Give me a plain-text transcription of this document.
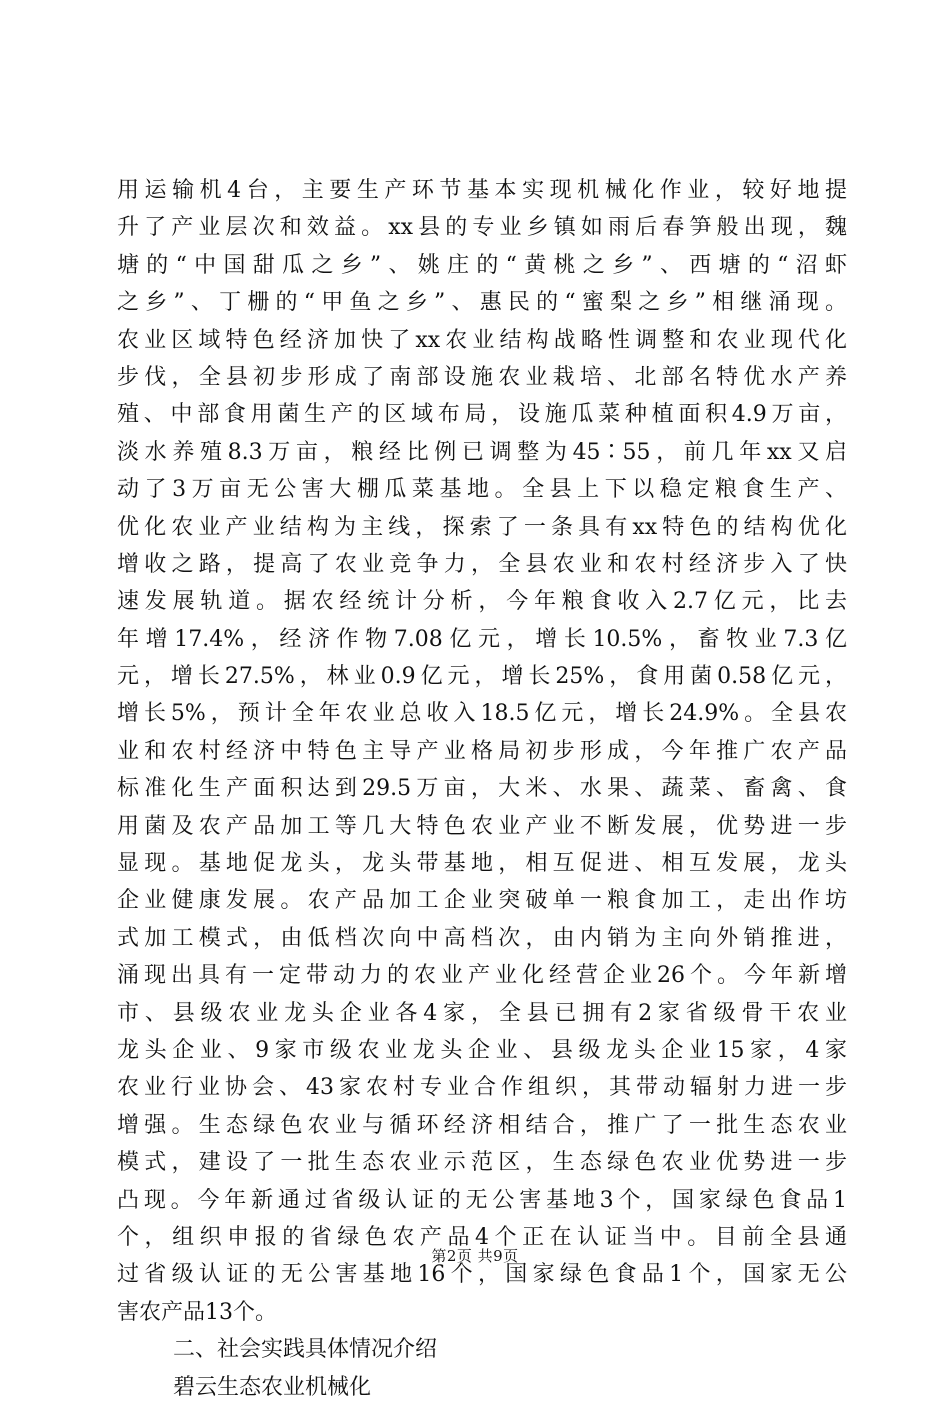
用运输机4台，主要生产环节基本实现机械化作业，较好地提
升了产业层次和效益。xx县的专业乡镇如雨后春笋般出现，魏
塘的“中国甜瓜之乡”、姚庄的“黄桃之乡”、西塘的“沼虾
之乡”、丁栅的“甲鱼之乡”、惠民的“蜜梨之乡”相继涌现。
农业区域特色经济加快了xx农业结构战略性调整和农业现代化
步伐，全县初步形成了南部设施农业栽培、北部名特优水产养
殖、中部食用菌生产的区域布局，设施瓜菜种植面积4.9万亩，
淡水养殖8.3万亩，粮经比例已调整为45∶55，前几年xx又启
动了3万亩无公害大棚瓜菜基地。全县上下以稳定粮食生产、
优化农业产业结构为主线，探索了一条具有xx特色的结构优化
增收之路，提高了农业竞争力，全县农业和农村经济步入了快
速发展轨道。据农经统计分析，今年粮食收入2.7亿元，比去
年增17.4%，经济作物7.08亿元，增长10.5%，畜牧业7.3亿
元，增长27.5%，林业0.9亿元，增长25%，食用菌0.58亿元，
增长5%，预计全年农业总收入18.5亿元，增长24.9%。全县农
业和农村经济中特色主导产业格局初步形成，今年推广农产品
标准化生产面积达到29.5万亩，大米、水果、蔬菜、畜禽、食
用菌及农产品加工等几大特色农业产业不断发展，优势进一步
显现。基地促龙头，龙头带基地，相互促进、相互发展，龙头
企业健康发展。农产品加工企业突破单一粮食加工，走出作坊
式加工模式，由低档次向中高档次，由内销为主向外销推进，
涌现出具有一定带动力的农业产业化经营企业26个。今年新增
市、县级农业龙头企业各4家，全县已拥有2家省级骨干农业
龙头企业、9家市级农业龙头企业、县级龙头企业15家，4家
农业行业协会、43家农村专业合作组织，其带动辐射力进一步
增强。生态绿色农业与循环经济相结合，推广了一批生态农业
模式，建设了一批生态农业示范区，生态绿色农业优势进一步
凸现。今年新通过省级认证的无公害基地3个，国家绿色食品1
个，组织申报的省绿色农产品4个正在认证当中。目前全县通
过省级认证的无公害基地16个，国家绿色食品1个，国家无公
害农产品13个。
二、社会实践具体情况介绍
碧云生态农业机械化
第2页 共9页
